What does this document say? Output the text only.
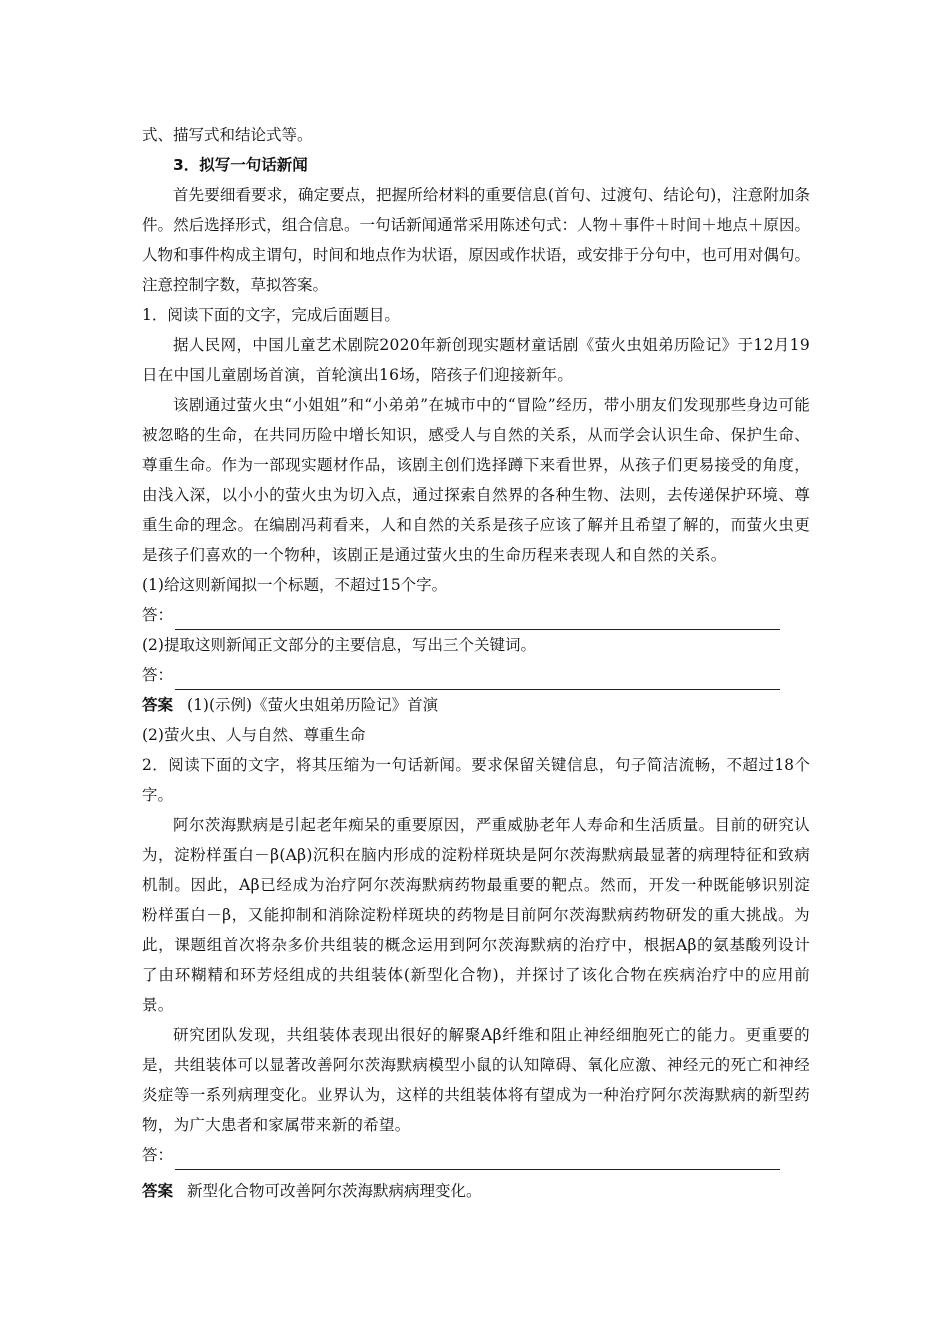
式、描写式和结论式等。

3．拟写一句话新闻

首先要细看要求，确定要点，把握所给材料的重要信息(首句、过渡句、结论句)，注意附加条件。然后选择形式，组合信息。一句话新闻通常采用陈述句式：人物＋事件＋时间＋地点＋原因。人物和事件构成主谓句，时间和地点作为状语，原因或作状语，或安排于分句中，也可用对偶句。注意控制字数，草拟答案。

1．阅读下面的文字，完成后面题目。

据人民网，中国儿童艺术剧院2020年新创现实题材童话剧《萤火虫姐弟历险记》于12月19日在中国儿童剧场首演，首轮演出16场，陪孩子们迎接新年。

该剧通过萤火虫“小姐姐”和“小弟弟”在城市中的“冒险”经历，带小朋友们发现那些身边可能被忽略的生命，在共同历险中增长知识，感受人与自然的关系，从而学会认识生命、保护生命、尊重生命。作为一部现实题材作品，该剧主创们选择蹲下来看世界，从孩子们更易接受的角度，由浅入深，以小小的萤火虫为切入点，通过探索自然界的各种生物、法则，去传递保护环境、尊重生命的理念。在编剧冯莉看来，人和自然的关系是孩子应该了解并且希望了解的，而萤火虫更是孩子们喜欢的一个物种，该剧正是通过萤火虫的生命历程来表现人和自然的关系。

(1)给这则新闻拟一个标题，不超过15个字。

答：

(2)提取这则新闻正文部分的主要信息，写出三个关键词。

答：

答案 (1)(示例)《萤火虫姐弟历险记》首演

(2)萤火虫、人与自然、尊重生命

2．阅读下面的文字，将其压缩为一句话新闻。要求保留关键信息，句子简洁流畅，不超过18个字。

阿尔茨海默病是引起老年痴呆的重要原因，严重威胁老年人寿命和生活质量。目前的研究认为，淀粉样蛋白－β(Aβ)沉积在脑内形成的淀粉样斑块是阿尔茨海默病最显著的病理特征和致病机制。因此，Aβ已经成为治疗阿尔茨海默病药物最重要的靶点。然而，开发一种既能够识别淀粉样蛋白－β，又能抑制和消除淀粉样斑块的药物是目前阿尔茨海默病药物研发的重大挑战。为此，课题组首次将杂多价共组装的概念运用到阿尔茨海默病的治疗中，根据Aβ的氨基酸列设计了由环糊精和环芳烃组成的共组装体(新型化合物)，并探讨了该化合物在疾病治疗中的应用前景。

研究团队发现，共组装体表现出很好的解聚Aβ纤维和阻止神经细胞死亡的能力。更重要的是，共组装体可以显著改善阿尔茨海默病模型小鼠的认知障碍、氧化应激、神经元的死亡和神经炎症等一系列病理变化。业界认为，这样的共组装体将有望成为一种治疗阿尔茨海默病的新型药物，为广大患者和家属带来新的希望。

答：

答案 新型化合物可改善阿尔茨海默病病理变化。
